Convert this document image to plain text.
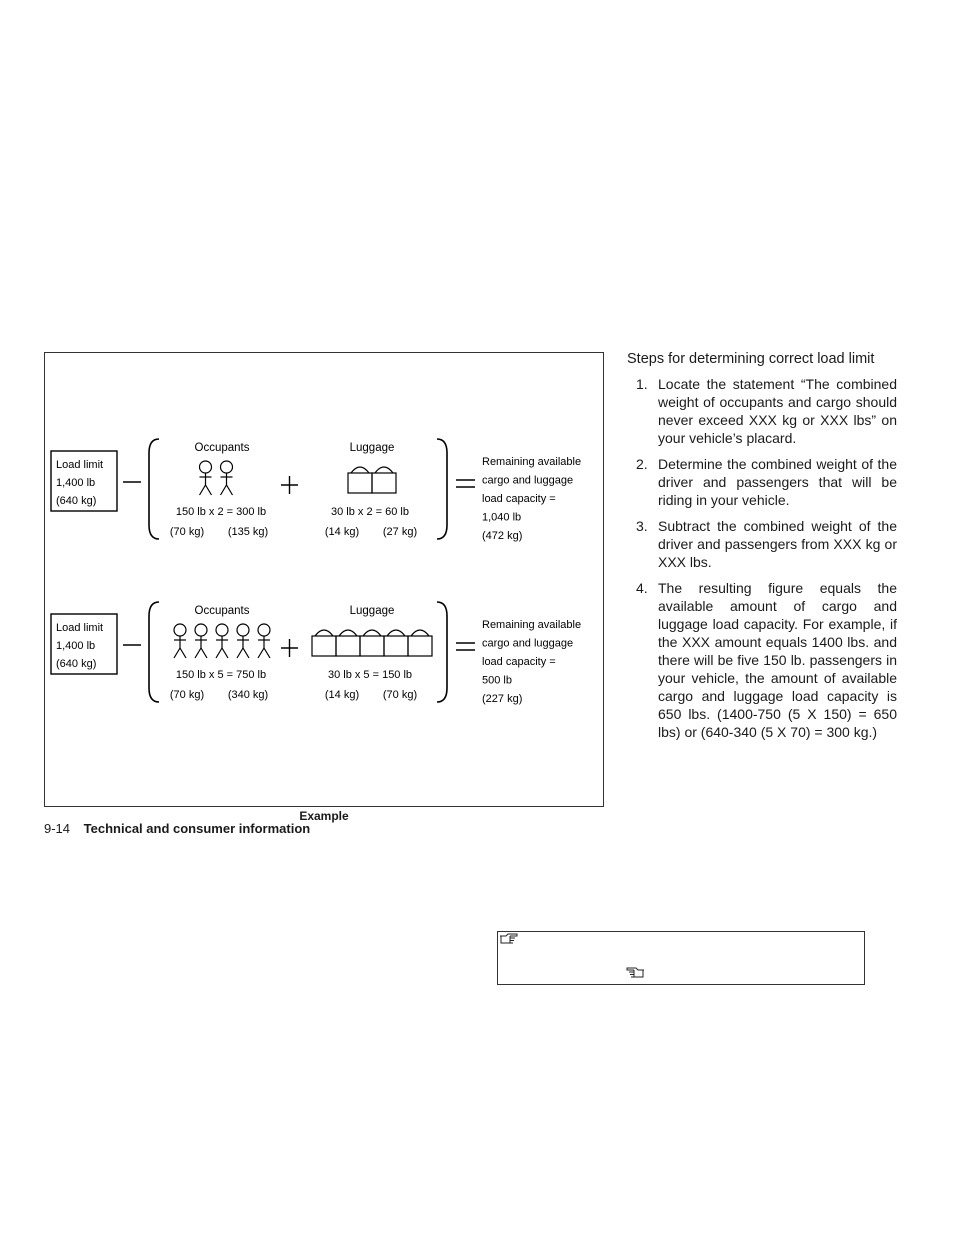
Load limit
1,400 lb
(640 kg)
Occupants
150 lb x 2 = 300 lb
(70 kg) (135 kg)
Luggage
30 lb x 2 = 60 lb
(14 kg) (27 kg)
Remaining available
cargo and luggage
load capacity =
1,040 lb
(472 kg)
Load limit
1,400 lb
(640 kg)
Occupants
150 lb x 5 = 750 lb
(70 kg) (340 kg)
Luggage
30 lb x 5 = 150 lb
(14 kg) (70 kg)
Remaining available
cargo and luggage
load capacity =
500 lb
(227 kg)
Example
9-14 Technical and consumer information
Steps for determining correct load limit
1. Locate the statement “The combined weight of occupants and cargo should never exceed XXX kg or XXX lbs” on your vehicle’s placard.
2. Determine the combined weight of the driver and passengers that will be riding in your vehicle.
3. Subtract the combined weight of the driver and passengers from XXX kg or XXX lbs.
4. The resulting figure equals the available amount of cargo and luggage load capacity. For example, if the XXX amount equals 1400 lbs. and there will be five 150 lb. passengers in your vehicle, the amount of available cargo and luggage load capacity is 650 lbs. (1400-750 (5 X 150) = 650 lbs) or (640-340 (5 X 70) = 300 kg.)
